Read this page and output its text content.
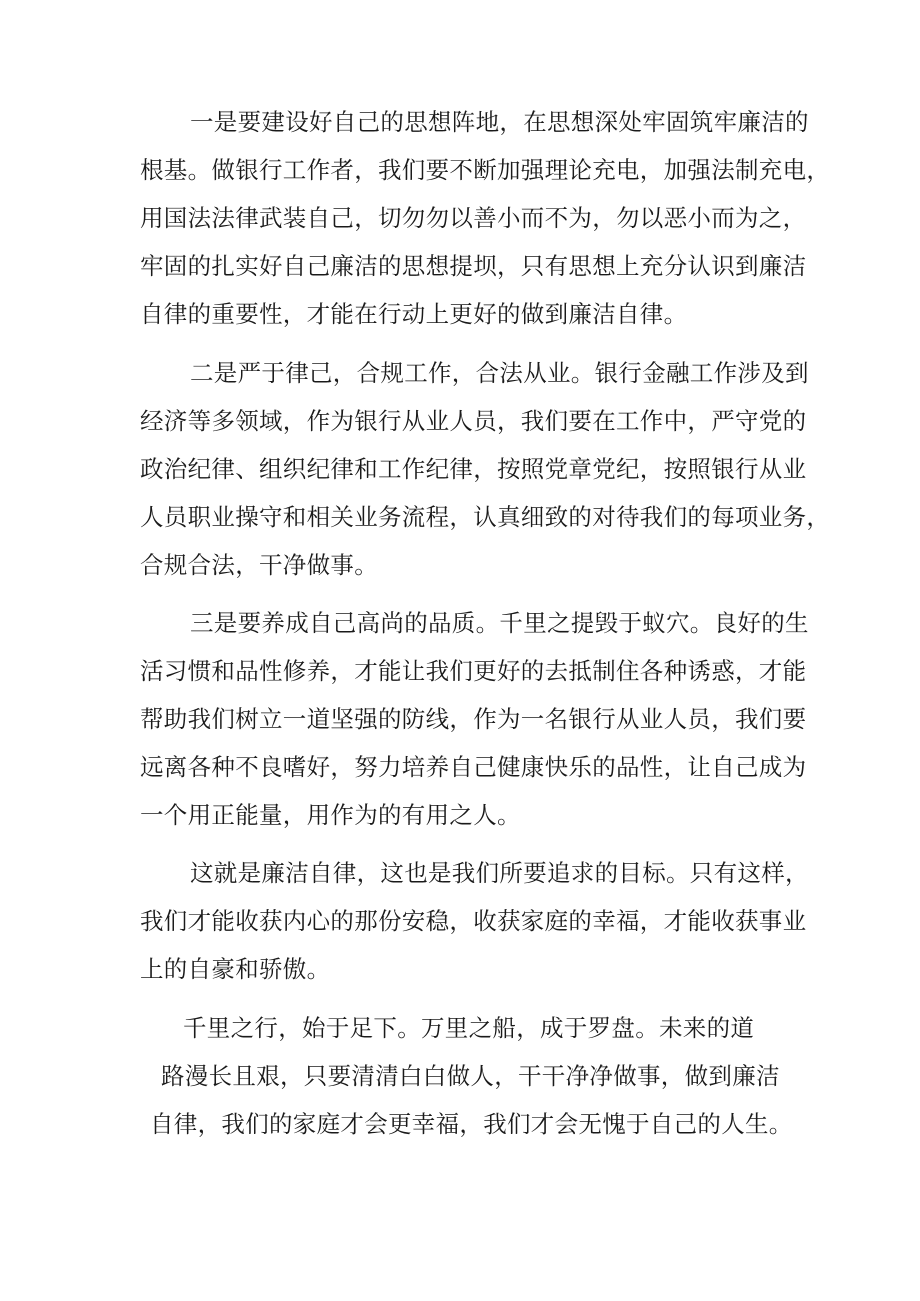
一是要建设好自己的思想阵地，在思想深处牢固筑牢廉洁的
根基。做银行工作者，我们要不断加强理论充电，加强法制充电，
用国法法律武装自己，切勿勿以善小而不为，勿以恶小而为之，
牢固的扎实好自己廉洁的思想提坝，只有思想上充分认识到廉洁
自律的重要性，才能在行动上更好的做到廉洁自律。
二是严于律己，合规工作，合法从业。银行金融工作涉及到
经济等多领域，作为银行从业人员，我们要在工作中，严守党的
政治纪律、组织纪律和工作纪律，按照党章党纪，按照银行从业
人员职业操守和相关业务流程，认真细致的对待我们的每项业务，
合规合法，干净做事。
三是要养成自己高尚的品质。千里之提毁于蚁穴。良好的生
活习惯和品性修养，才能让我们更好的去抵制住各种诱惑，才能
帮助我们树立一道坚强的防线，作为一名银行从业人员，我们要
远离各种不良嗜好，努力培养自己健康快乐的品性，让自己成为
一个用正能量，用作为的有用之人。
这就是廉洁自律，这也是我们所要追求的目标。只有这样，
我们才能收获内心的那份安稳，收获家庭的幸福，才能收获事业
上的自豪和骄傲。
千里之行，始于足下。万里之船，成于罗盘。未来的道
路漫长且艰，只要清清白白做人，干干净净做事，做到廉洁
自律，我们的家庭才会更幸福，我们才会无愧于自己的人生。
